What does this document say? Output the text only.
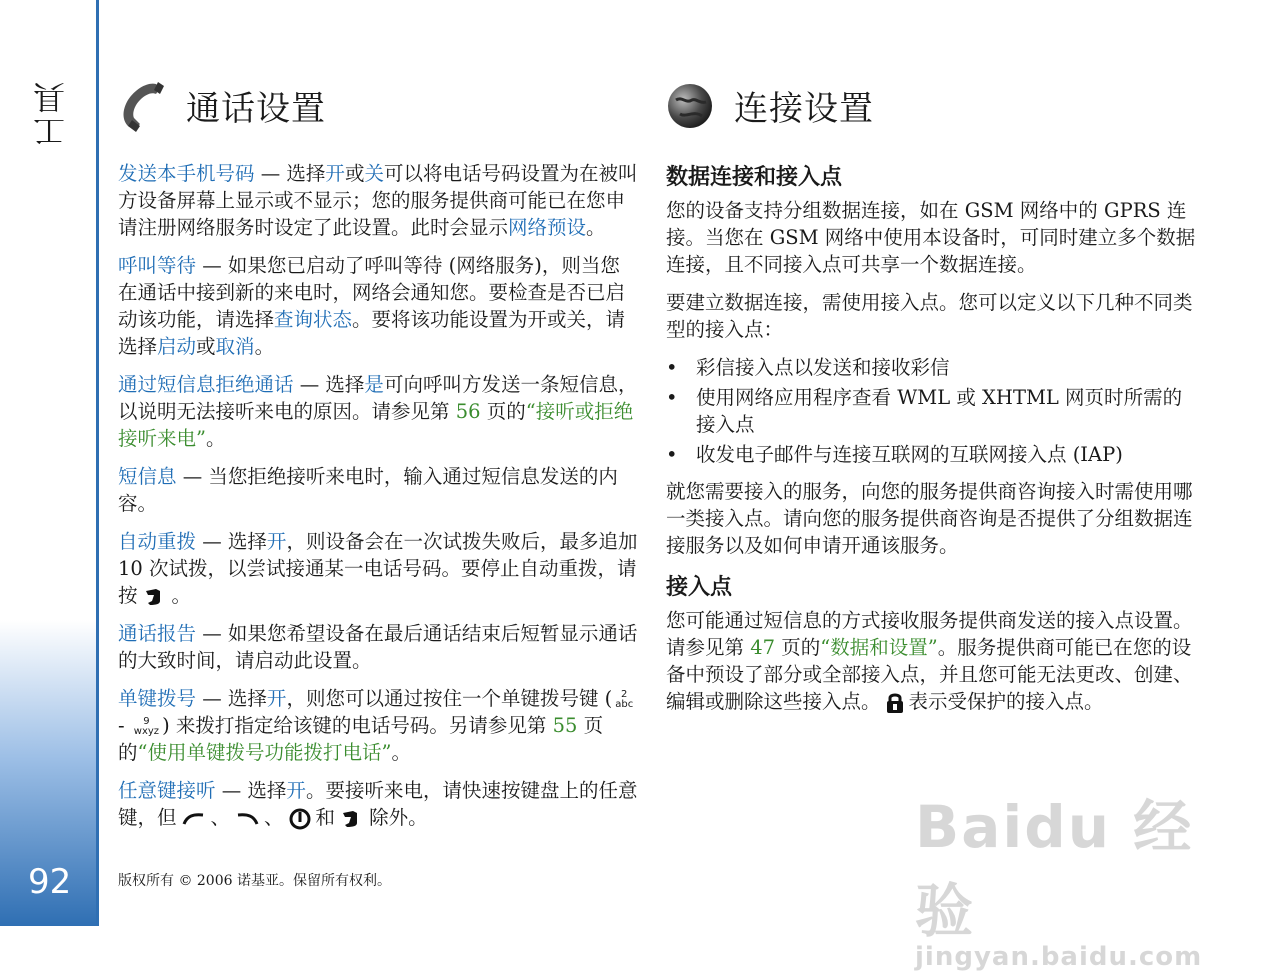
工具
92
通话设置

发送本手机号码 — 选择开或关可以将电话号码设置为在被叫方设备屏幕上显示或不显示；您的服务提供商可能已在您申请注册网络服务时设定了此设置。此时会显示网络预设。

呼叫等待 — 如果您已启动了呼叫等待 (网络服务)，则当您在通话中接到新的来电时，网络会通知您。要检查是否已启动该功能，请选择查询状态。要将该功能设置为开或关，请选择启动或取消。

通过短信息拒绝通话 — 选择是可向呼叫方发送一条短信息，以说明无法接听来电的原因。请参见第 56 页的“接听或拒绝接听来电”。

短信息 — 当您拒绝接听来电时，输入通过短信息发送的内容。

自动重拨 — 选择开，则设备会在一次试拨失败后，最多追加 10 次试拨，以尝试接通某一电话号码。要停止自动重拨，请按 。

通话报告 — 如果您希望设备在最后通话结束后短暂显示通话的大致时间，请启动此设置。

单键拨号 — 选择开，则您可以通过按住一个单键拨号键 ( 2
abc - 9
wxyz ) 来拨打指定给该键的电话号码。另请参见第 55 页的“使用单键拨号功能拨打电话”。

任意键接听 — 选择开。要接听来电，请快速按键盘上的任意键，但 、 、 和 除外。

连接设置
数据连接和接入点

您的设备支持分组数据连接，如在 GSM 网络中的 GPRS 连接。当您在 GSM 网络中使用本设备时，可同时建立多个数据连接，且不同接入点可共享一个数据连接。

要建立数据连接，需使用接入点。您可以定义以下几种不同类型的接入点：

• 彩信接入点以发送和接收彩信
• 使用网络应用程序查看 WML 或 XHTML 网页时所需的接入点
• 收发电子邮件与连接互联网的互联网接入点 (IAP)

就您需要接入的服务，向您的服务提供商咨询接入时需使用哪一类接入点。请向您的服务提供商咨询是否提供了分组数据连接服务以及如何申请开通该服务。

接入点

您可能通过短信息的方式接收服务提供商发送的接入点设置。请参见第 47 页的“数据和设置”。服务提供商可能已在您的设备中预设了部分或全部接入点，并且您可能无法更改、创建、编辑或删除这些接入点。 表示受保护的接入点。

版权所有 © 2006 诺基亚。保留所有权利。
Baidu 经验
jingyan.baidu.com
